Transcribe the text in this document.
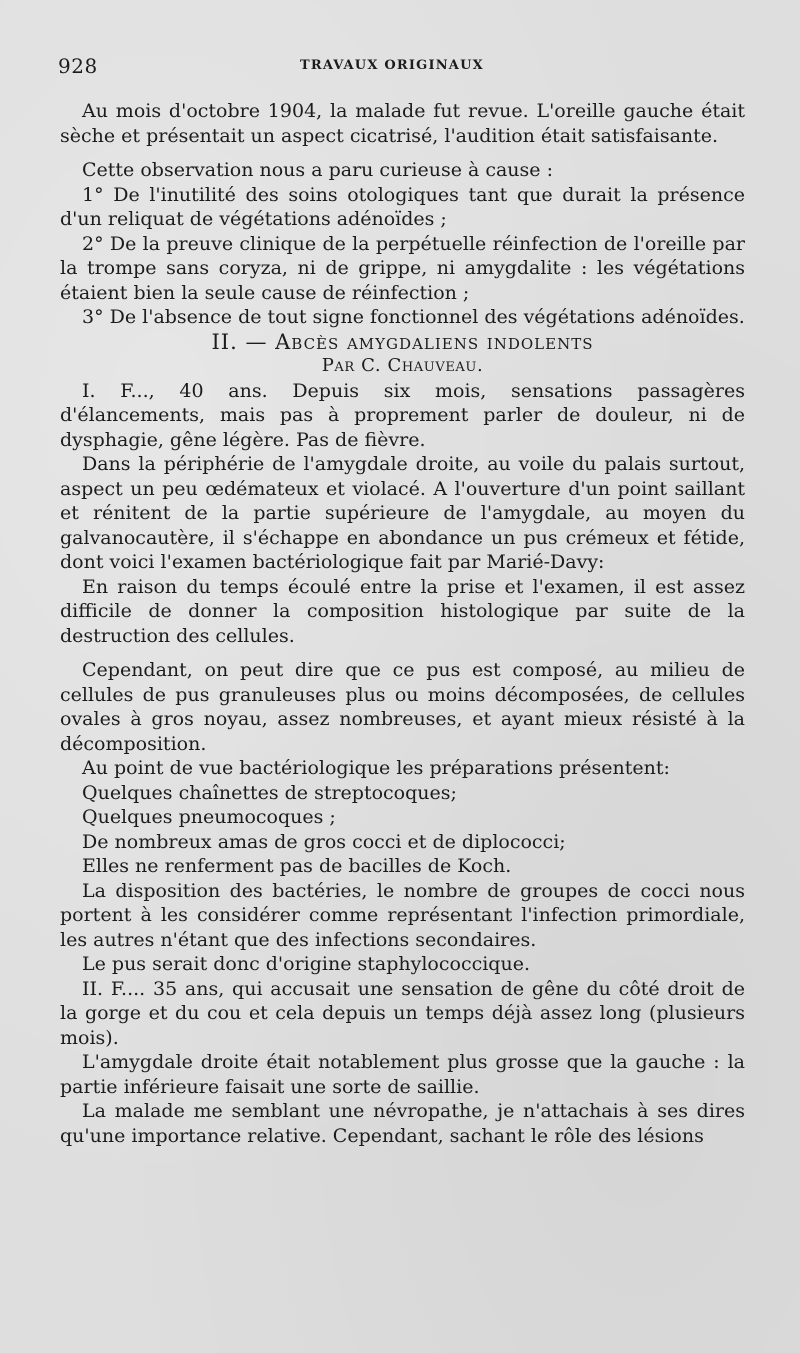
928	TRAVAUX ORIGINAUX

Au mois d'octobre 1904, la malade fut revue. L'oreille gauche était sèche et présentait un aspect cicatrisé, l'audition était satisfaisante.

Cette observation nous a paru curieuse à cause :

1° De l'inutilité des soins otologiques tant que durait la présence d'un reliquat de végétations adénoïdes ;

2° De la preuve clinique de la perpétuelle réinfection de l'oreille par la trompe sans coryza, ni de grippe, ni amygdalite : les végétations étaient bien la seule cause de réinfection ;

3° De l'absence de tout signe fonctionnel des végétations adénoïdes.

II. — Abcès amygdaliens indolents

Par C. Chauveau.

I. F..., 40 ans. Depuis six mois, sensations passagères d'élancements, mais pas à proprement parler de douleur, ni de dysphagie, gêne légère. Pas de fièvre.

Dans la périphérie de l'amygdale droite, au voile du palais surtout, aspect un peu œdémateux et violacé. A l'ouverture d'un point saillant et rénitent de la partie supérieure de l'amygdale, au moyen du galvanocautère, il s'échappe en abondance un pus crémeux et fétide, dont voici l'examen bactériologique fait par Marié-Davy:

En raison du temps écoulé entre la prise et l'examen, il est assez difficile de donner la composition histologique par suite de la destruction des cellules.

Cependant, on peut dire que ce pus est composé, au milieu de cellules de pus granuleuses plus ou moins décomposées, de cellules ovales à gros noyau, assez nombreuses, et ayant mieux résisté à la décomposition.

Au point de vue bactériologique les préparations présentent:

Quelques chaînettes de streptocoques;

Quelques pneumocoques ;

De nombreux amas de gros cocci et de diplococci;

Elles ne renferment pas de bacilles de Koch.

La disposition des bactéries, le nombre de groupes de cocci nous portent à les considérer comme représentant l'infection primordiale, les autres n'étant que des infections secondaires.

Le pus serait donc d'origine staphylococcique.

II. F.... 35 ans, qui accusait une sensation de gêne du côté droit de la gorge et du cou et cela depuis un temps déjà assez long (plusieurs mois).

L'amygdale droite était notablement plus grosse que la gauche : la partie inférieure faisait une sorte de saillie.

La malade me semblant une névropathe, je n'attachais à ses dires qu'une importance relative. Cependant, sachant le rôle des lésions
